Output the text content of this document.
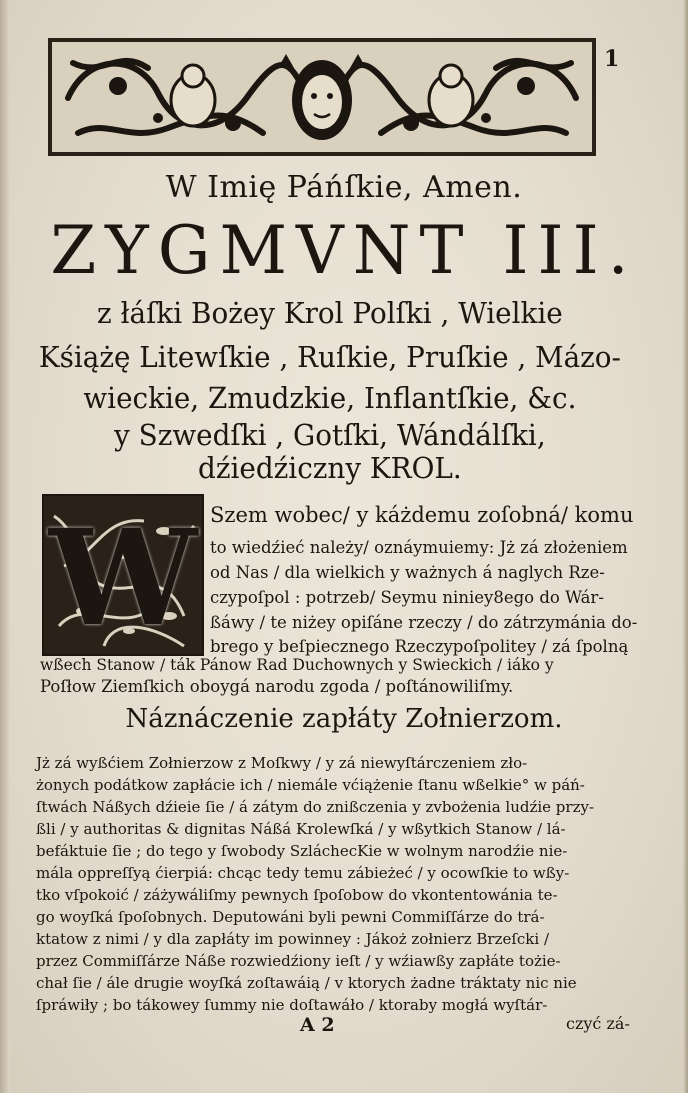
1
W Imię Páńſkie, Amen.
ZYGMVNT III.
z łáſki Bożey Krol Polſki , Wielkie
Kśiążę Litewſkie , Ruſkie, Pruſkie , Mázo-
wieckie, Zmudzkie, Inflantſkie, &c.
y Szwedſki , Gotſki, Wándálſki,
dźiedźiczny KROL.
W Szem wobec/ y káżdemu zoſobná/ komu
to wiedźieć należy/ oznáymuiemy: Jż zá złożeniem
od Nas / dla wielkich y ważnych á naglych Rze-
czypoſpol : potrzeb/ Seymu niniey8ego do Wár-
ßáwy / te niżey opiſáne rzeczy / do zátrzymánia do-
brego y beſpiecznego Rzeczypoſpolitey / zá ſpolną
wßech Stanow / ták Pánow Rad Duchownych y Swieckich / iáko y
Poſłow Ziemſkich oboygá narodu zgoda / poſtánowiliſmy.
Náznáczenie zapłáty Zołnierzom.
Jż zá wyßćiem Zołnierzow z Moſkwy / y zá niewyſtárczeniem zło-
żonych podátkow zapłácie ich / niemále vćiążenie ſtanu wßelkie° w páń-
ſtwách Náßych dźieie ſie / á zátym do znißczenia y zvbożenia ludźie przy-
ßli / y authoritas & dignitas Náßá Krolewſká / y wßytkich Stanow / lá-
befáktuie ſie ; do tego y ſwobody SzláchecKie w wolnym narodźie nie-
mála oppreſſyą ćierpiá: chcąc tedy temu zábieżeć / y ocowſkie to wßy-
tko vſpokoić / záżywáliſmy pewnych ſpoſobow do vkontentowánia te-
go woyſká ſpoſobnych. Deputowáni byli pewni Commiſſárze do trá-
ktatow z nimi / y dla zapłáty im powinney : Jákoż zołnierz Brzeſcki /
przez Commiſſárze Náße rozwiedźiony ieſt / y wźiawßy zapłáte tożie-
chał ſie / ále drugie woyſká zoſtawáią / v ktorych żadne tráktaty nic nie
ſpráwiły ; bo tákowey ſummy nie doſtawáło / ktoraby mogłá wyſtár-
A 2	czyć zá-
